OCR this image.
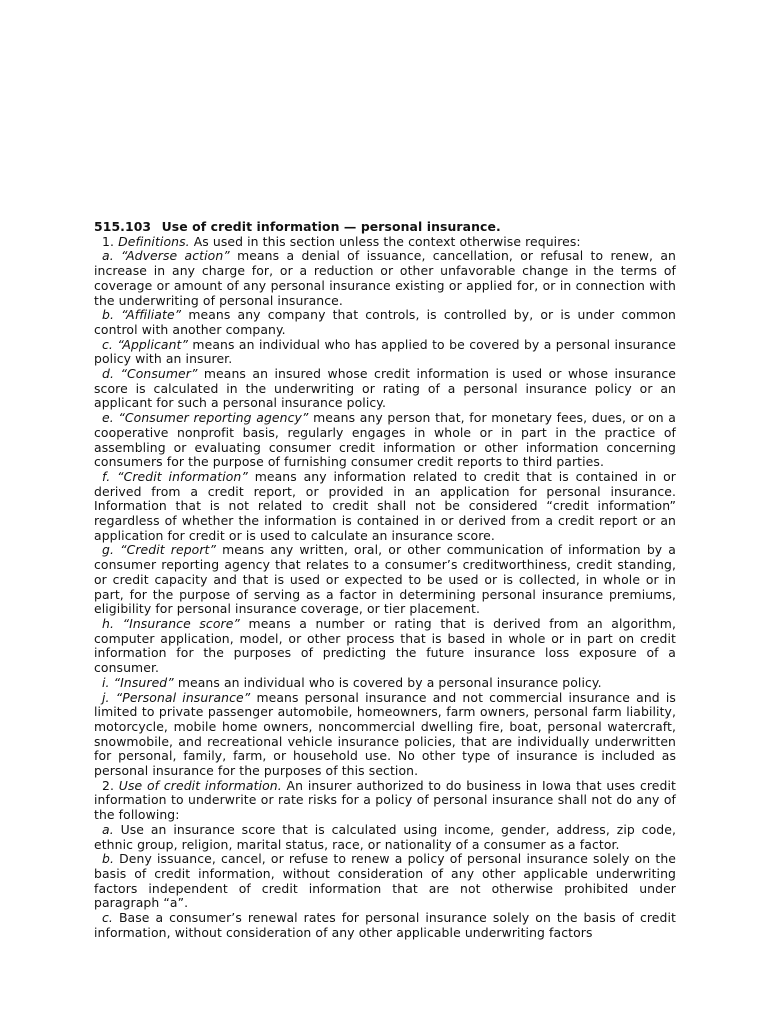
515.103 Use of credit information — personal insurance.

1. Definitions. As used in this section unless the context otherwise requires:

a. “Adverse action” means a denial of issuance, cancellation, or refusal to renew, an increase in any charge for, or a reduction or other unfavorable change in the terms of coverage or amount of any personal insurance existing or applied for, or in connection with the underwriting of personal insurance.

b. “Affiliate” means any company that controls, is controlled by, or is under common control with another company.

c. “Applicant” means an individual who has applied to be covered by a personal insurance policy with an insurer.

d. “Consumer” means an insured whose credit information is used or whose insurance score is calculated in the underwriting or rating of a personal insurance policy or an applicant for such a personal insurance policy.

e. “Consumer reporting agency” means any person that, for monetary fees, dues, or on a cooperative nonprofit basis, regularly engages in whole or in part in the practice of assembling or evaluating consumer credit information or other information concerning consumers for the purpose of furnishing consumer credit reports to third parties.

f. “Credit information” means any information related to credit that is contained in or derived from a credit report, or provided in an application for personal insurance. Information that is not related to credit shall not be considered “credit information” regardless of whether the information is contained in or derived from a credit report or an application for credit or is used to calculate an insurance score.

g. “Credit report” means any written, oral, or other communication of information by a consumer reporting agency that relates to a consumer’s creditworthiness, credit standing, or credit capacity and that is used or expected to be used or is collected, in whole or in part, for the purpose of serving as a factor in determining personal insurance premiums, eligibility for personal insurance coverage, or tier placement.

h. “Insurance score” means a number or rating that is derived from an algorithm, computer application, model, or other process that is based in whole or in part on credit information for the purposes of predicting the future insurance loss exposure of a consumer.

i. “Insured” means an individual who is covered by a personal insurance policy.

j. “Personal insurance” means personal insurance and not commercial insurance and is limited to private passenger automobile, homeowners, farm owners, personal farm liability, motorcycle, mobile home owners, noncommercial dwelling fire, boat, personal watercraft, snowmobile, and recreational vehicle insurance policies, that are individually underwritten for personal, family, farm, or household use. No other type of insurance is included as personal insurance for the purposes of this section.

2. Use of credit information. An insurer authorized to do business in Iowa that uses credit information to underwrite or rate risks for a policy of personal insurance shall not do any of the following:

a. Use an insurance score that is calculated using income, gender, address, zip code, ethnic group, religion, marital status, race, or nationality of a consumer as a factor.

b. Deny issuance, cancel, or refuse to renew a policy of personal insurance solely on the basis of credit information, without consideration of any other applicable underwriting factors independent of credit information that are not otherwise prohibited under paragraph “a”.

c. Base a consumer’s renewal rates for personal insurance solely on the basis of credit information, without consideration of any other applicable underwriting factors
